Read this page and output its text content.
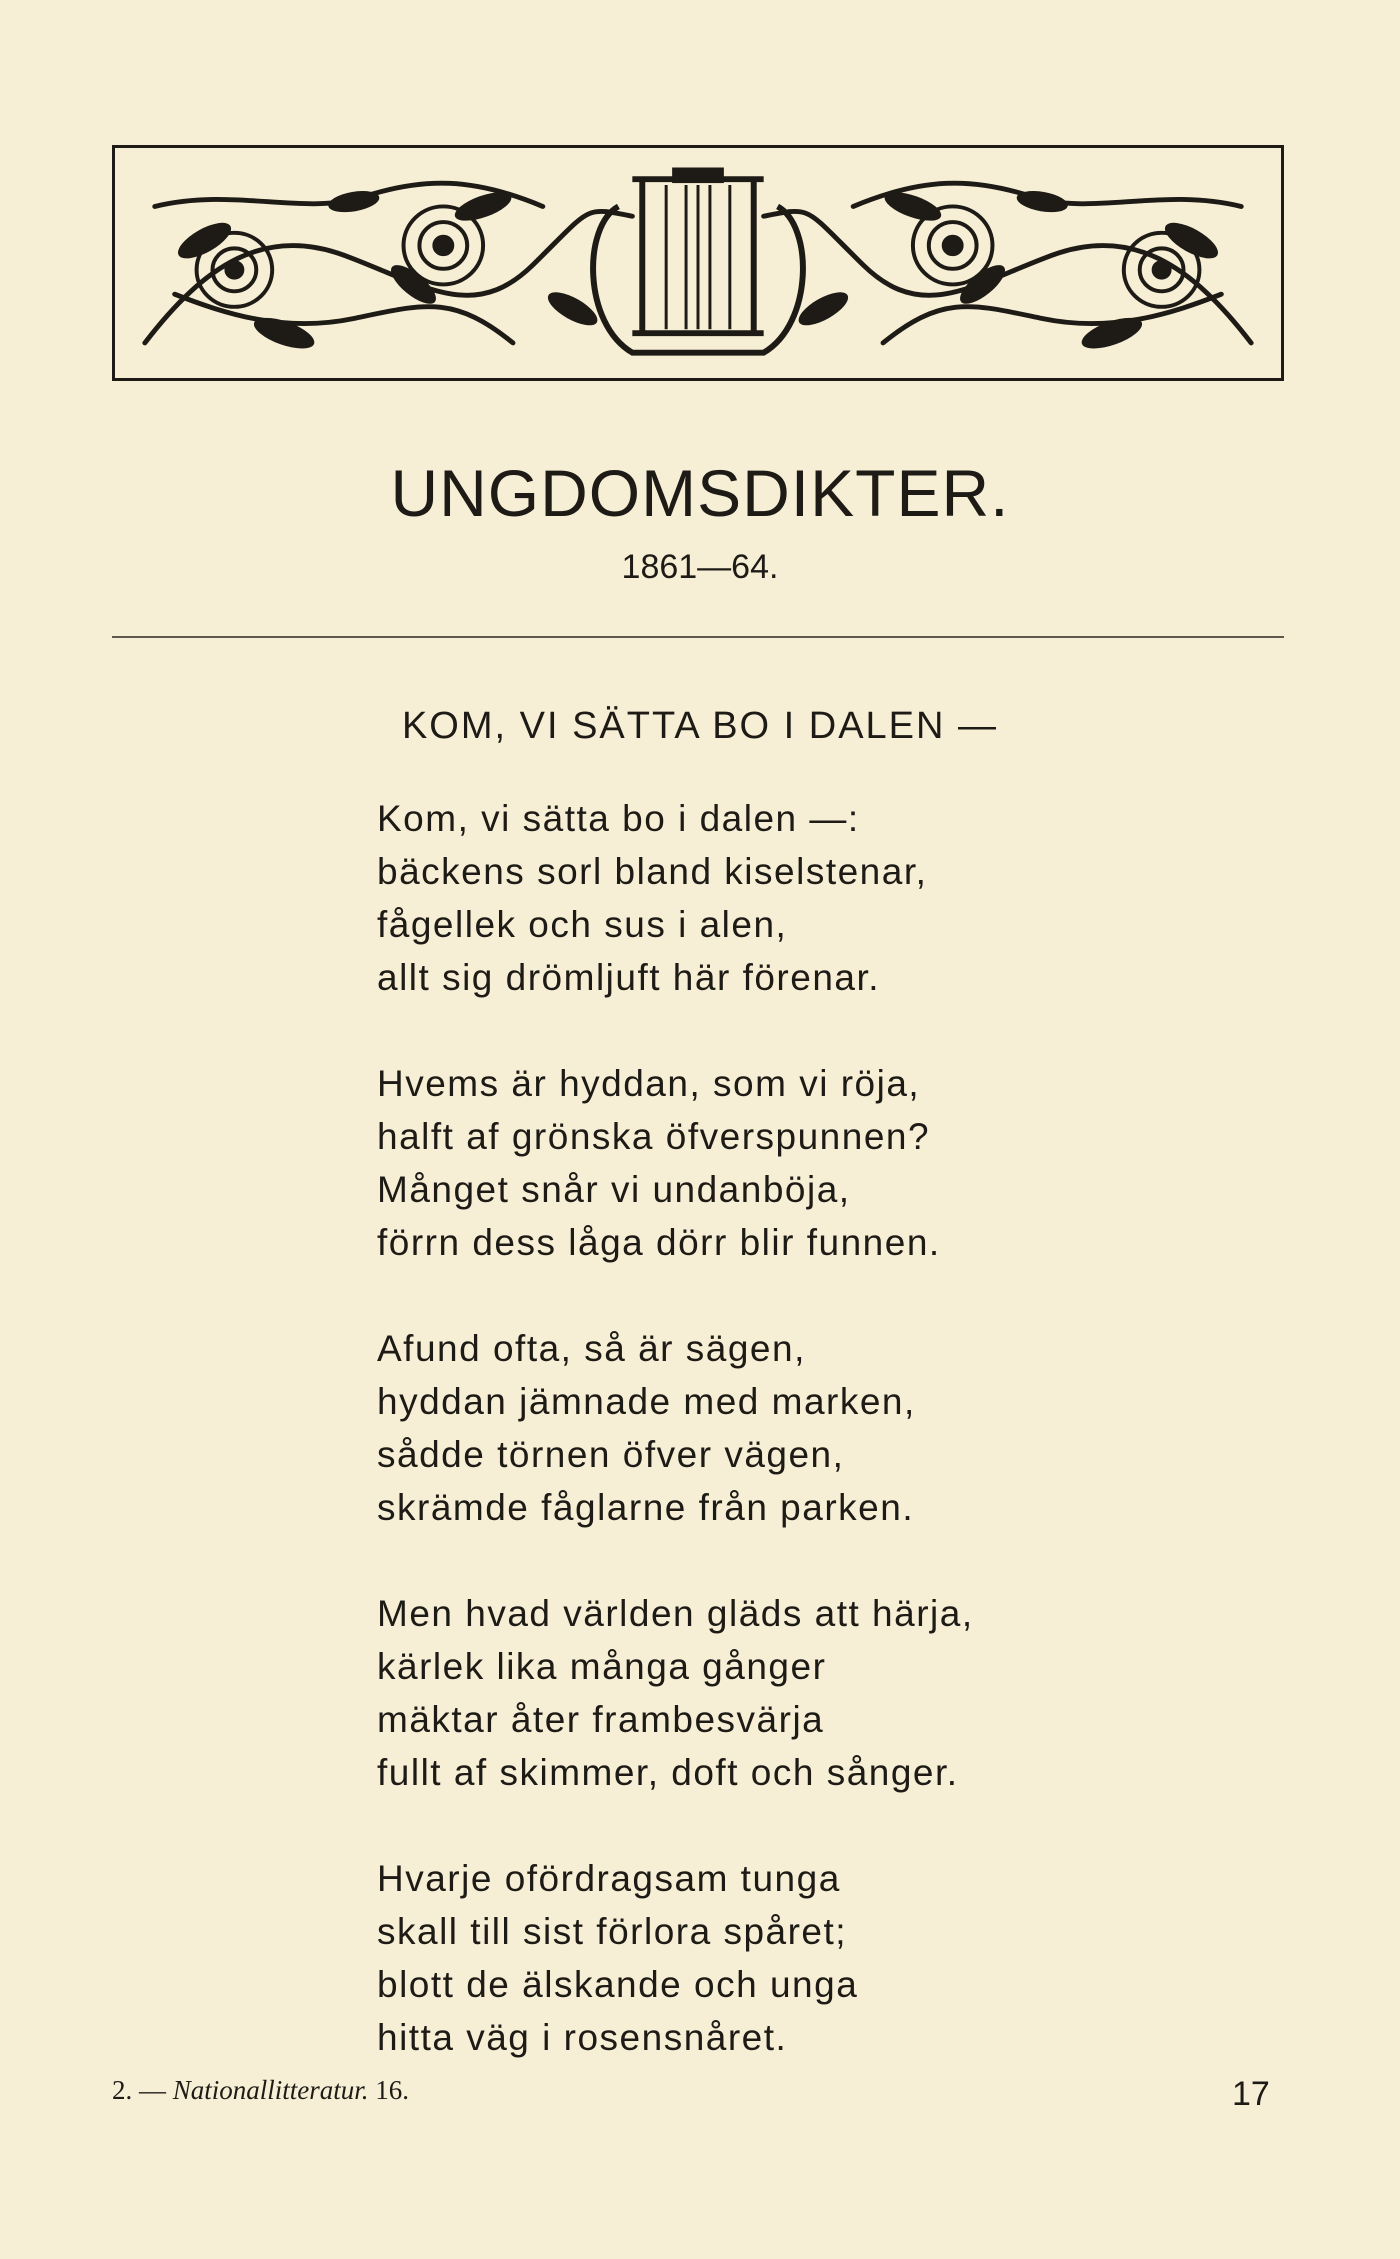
UNGDOMSDIKTER.
1861—64.
KOM, VI SÄTTA BO I DALEN —
Kom, vi sätta bo i dalen —:
bäckens sorl bland kiselstenar,
fågellek och sus i alen,
allt sig drömljuft här förenar.
Hvems är hyddan, som vi röja,
halft af grönska öfverspunnen?
Månget snår vi undanböja,
förrn dess låga dörr blir funnen.
Afund ofta, så är sägen,
hyddan jämnade med marken,
sådde törnen öfver vägen,
skrämde fåglarne från parken.
Men hvad världen gläds att härja,
kärlek lika många gånger
mäktar åter frambesvärja
fullt af skimmer, doft och sånger.
Hvarje ofördragsam tunga
skall till sist förlora spåret;
blott de älskande och unga
hitta väg i rosensnåret.
2. — Nationallitteratur. 16.	17
